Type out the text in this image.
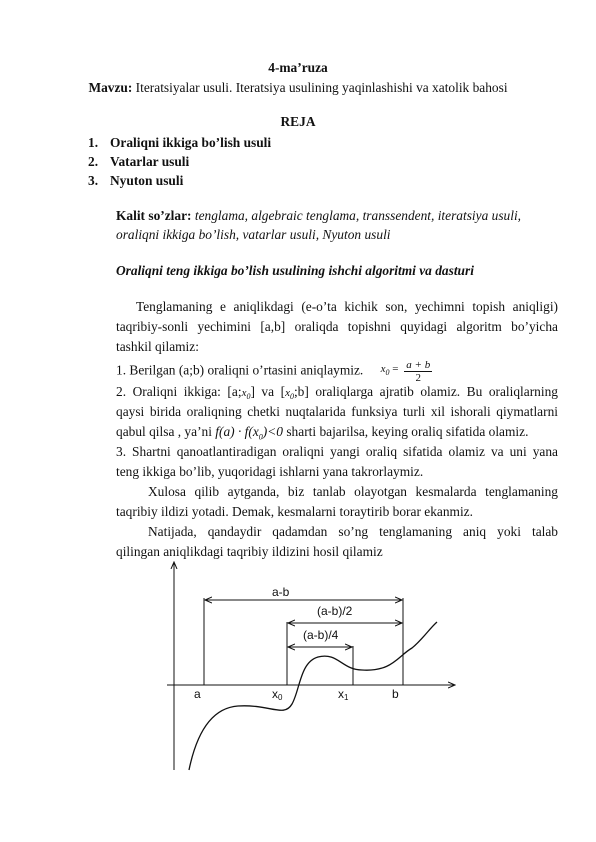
4-ma’ruza
Mavzu: Iteratsiyalar usuli. Iteratsiya usulining yaqinlashishi va xatolik bahosi
REJA
1. Oraliqni ikkiga bo’lish usuli
2. Vatarlar usuli
3. Nyuton usuli
Kalit so’zlar: tenglama, algebraic tenglama, transsendent, iteratsiya usuli,
oraliqni ikkiga bo’lish, vatarlar usuli, Nyuton usuli
Oraliqni teng ikkiga bo’lish usulining ishchi algoritmi va dasturi
Tenglamaning e aniqlikdagi (e-o’ta kichik son, yechimni topish aniqligi)
taqribiy-sonli yechimini [a,b] oraliqda topishni quyidagi algoritm bo’yicha
tashkil qilamiz:
1. Berilgan (a;b) oraliqni o’rtasini aniqlaymiz. $x_0 = \frac{a + b}{2}$
2. Oraliqni ikkiga: $[a;x_0]$ va $[x_0;b]$ oraliqlarga ajratib olamiz. Bu oraliqlarning
qaysi birida oraliqning chetki nuqtalarida funksiya turli xil ishorali qiymatlarni
qabul qilsa , ya’ni $f(a) \cdot f(x_0)<0$ sharti bajarilsa, keying oraliq sifatida olamiz.
3. Shartni qanoatlantiradigan oraliqni yangi oraliq sifatida olamiz va uni yana
teng ikkiga bo’lib, yuqoridagi ishlarni yana takrorlaymiz.
Xulosa qilib aytganda, biz tanlab olayotgan kesmalarda tenglamaning
taqribiy ildizi yotadi. Demak, kesmalarni toraytirib borar ekanmiz.
Natijada, qandaydir qadamdan so’ng tenglamaning aniq yoki talab
qilingan aniqlikdagi taqribiy ildizini hosil qilamiz
a-b
(a-b)/2
(a-b)/4
a	x0	x1	b
